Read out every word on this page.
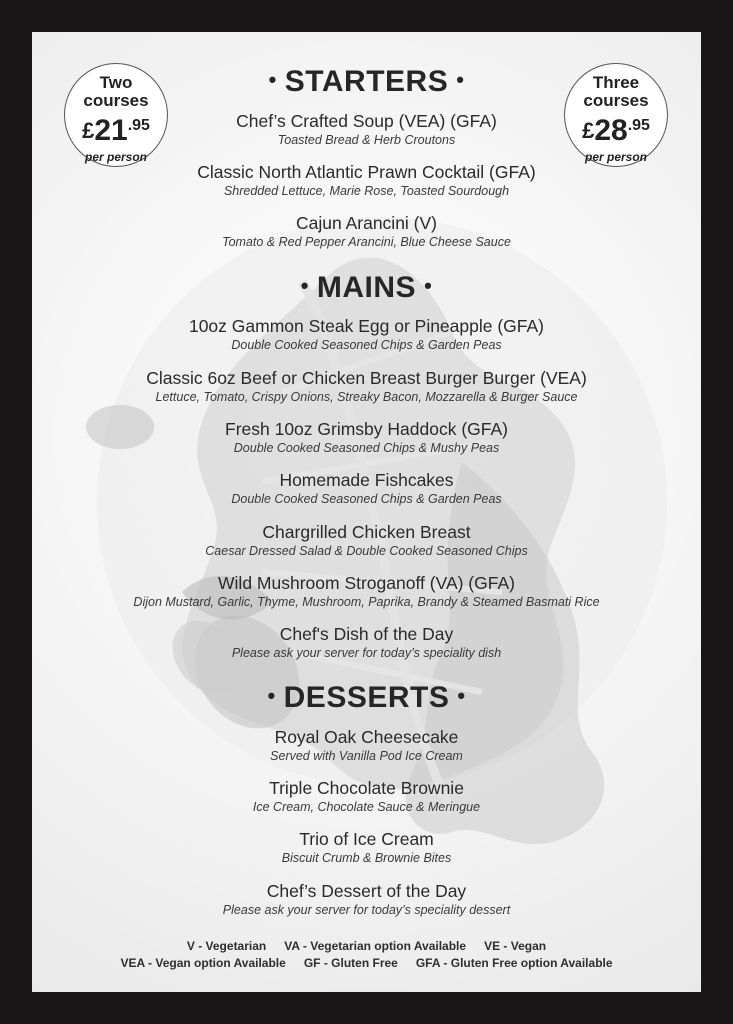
Two
courses
£21.95
per person
Three
courses
£28.95
per person
• STARTERS •
Chef’s Crafted Soup (VEA) (GFA)
Toasted Bread & Herb Croutons
Classic North Atlantic Prawn Cocktail (GFA)
Shredded Lettuce, Marie Rose, Toasted Sourdough
Cajun Arancini (V)
Tomato & Red Pepper Arancini, Blue Cheese Sauce
• MAINS •
10oz Gammon Steak Egg or Pineapple (GFA)
Double Cooked Seasoned Chips & Garden Peas
Classic 6oz Beef or Chicken Breast Burger Burger (VEA)
Lettuce, Tomato, Crispy Onions, Streaky Bacon, Mozzarella & Burger Sauce
Fresh 10oz Grimsby Haddock (GFA)
Double Cooked Seasoned Chips & Mushy Peas
Homemade Fishcakes
Double Cooked Seasoned Chips & Garden Peas
Chargrilled Chicken Breast
Caesar Dressed Salad & Double Cooked Seasoned Chips
Wild Mushroom Stroganoff (VA) (GFA)
Dijon Mustard, Garlic, Thyme, Mushroom, Paprika, Brandy & Steamed Basmati Rice
Chef's Dish of the Day
Please ask your server for today’s speciality dish
• DESSERTS •
Royal Oak Cheesecake
Served with Vanilla Pod Ice Cream
Triple Chocolate Brownie
Ice Cream, Chocolate Sauce & Meringue
Trio of Ice Cream
Biscuit Crumb & Brownie Bites
Chef’s Dessert of the Day
Please ask your server for today’s speciality dessert
V - Vegetarian VA - Vegetarian option Available VE - Vegan
VEA - Vegan option Available GF - Gluten Free GFA - Gluten Free option Available
